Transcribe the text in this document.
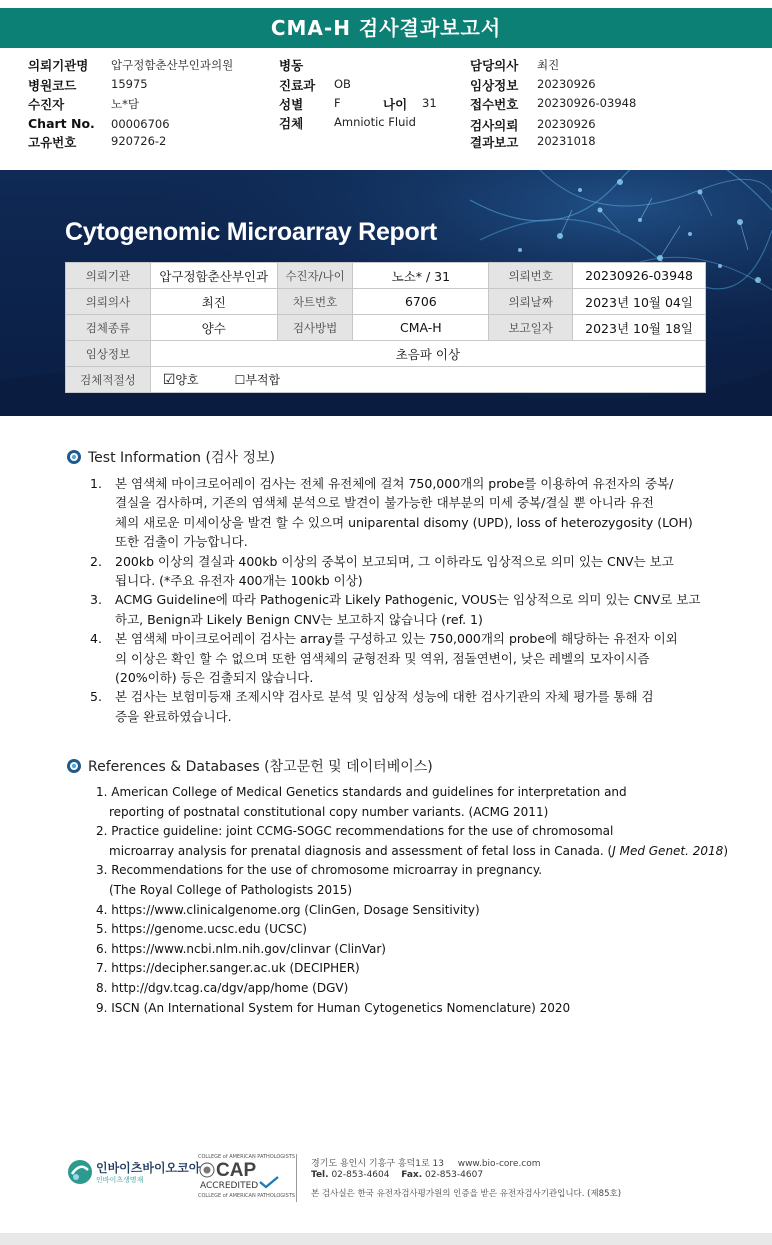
CMA-H 검사결과보고서
의뢰기관명 압구정함춘산부인과의원
병원코드	15975
수진자	노*담
Chart No. 00006706
고유번호	920726-2
병동
진료과 OB
성별	F	나이 31
검체	Amniotic Fluid
담당의사 최진
임상정보 20230926
접수번호 20230926-03948
검사의뢰 20230926
결과보고 20231018
Cytogenomic Microarray Report
의뢰기관	압구정함춘산부인과	수진자/나이	노소* / 31	의뢰번호	20230926-03948
의뢰의사	최진	차트번호	6706	의뢰날짜	2023년 10월 04일
검체종류	양수	검사방법	CMA-H	보고일자	2023년 10월 18일
임상정보	초음파 이상				
검체적절성	☑양호 ☐부적합				
Test Information (검사 정보)
1. 본 염색체 마이크로어레이 검사는 전체 유전체에 걸쳐 750,000개의 probe를 이용하여 유전자의 중복/
결실을 검사하며, 기존의 염색체 분석으로 발견이 불가능한 대부분의 미세 중복/결실 뿐 아니라 유전
체의 새로운 미세이상을 발견 할 수 있으며 uniparental disomy (UPD), loss of heterozygosity (LOH)
또한 검출이 가능합니다.
2. 200kb 이상의 결실과 400kb 이상의 중복이 보고되며, 그 이하라도 임상적으로 의미 있는 CNV는 보고
됩니다. (*주요 유전자 400개는 100kb 이상)
3. ACMG Guideline에 따라 Pathogenic과 Likely Pathogenic, VOUS는 임상적으로 의미 있는 CNV로 보고
하고, Benign과 Likely Benign CNV는 보고하지 않습니다 (ref. 1)
4. 본 염색체 마이크로어레이 검사는 array를 구성하고 있는 750,000개의 probe에 해당하는 유전자 이외
의 이상은 확인 할 수 없으며 또한 염색체의 균형전좌 및 역위, 점돌연변이, 낮은 레벨의 모자이시즘
(20%이하) 등은 검출되지 않습니다.
5. 본 검사는 보험미등재 조제시약 검사로 분석 및 임상적 성능에 대한 검사기관의 자체 평가를 통해 검
증을 완료하였습니다.
References & Databases (참고문헌 및 데이터베이스)
1. American College of Medical Genetics standards and guidelines for interpretation and
reporting of postnatal constitutional copy number variants. (ACMG 2011)
2. Practice guideline: joint CCMG-SOGC recommendations for the use of chromosomal
microarray analysis for prenatal diagnosis and assessment of fetal loss in Canada. (J Med Genet. 2018)
3. Recommendations for the use of chromosome microarray in pregnancy.
(The Royal College of Pathologists 2015)
4. https://www.clinicalgenome.org (ClinGen, Dosage Sensitivity)
5. https://genome.ucsc.edu (UCSC)
6. https://www.ncbi.nlm.nih.gov/clinvar (ClinVar)
7. https://decipher.sanger.ac.uk (DECIPHER)
8. http://dgv.tcag.ca/dgv/app/home (DGV)
9. ISCN (An International System for Human Cytogenetics Nomenclature) 2020
인바이츠바이오코아
인바이츠생명재
COLLEGE of AMERICAN PATHOLOGISTS
CAP
ACCREDITED
COLLEGE of AMERICAN PATHOLOGISTS
경기도 용인시 기흥구 흥덕1로 13 www.bio-core.com
Tel. 02-853-4604 Fax. 02-853-4607
본 검사실은 한국 유전자검사평가원의 인증을 받은 유전자검사기관입니다. (제85호)
